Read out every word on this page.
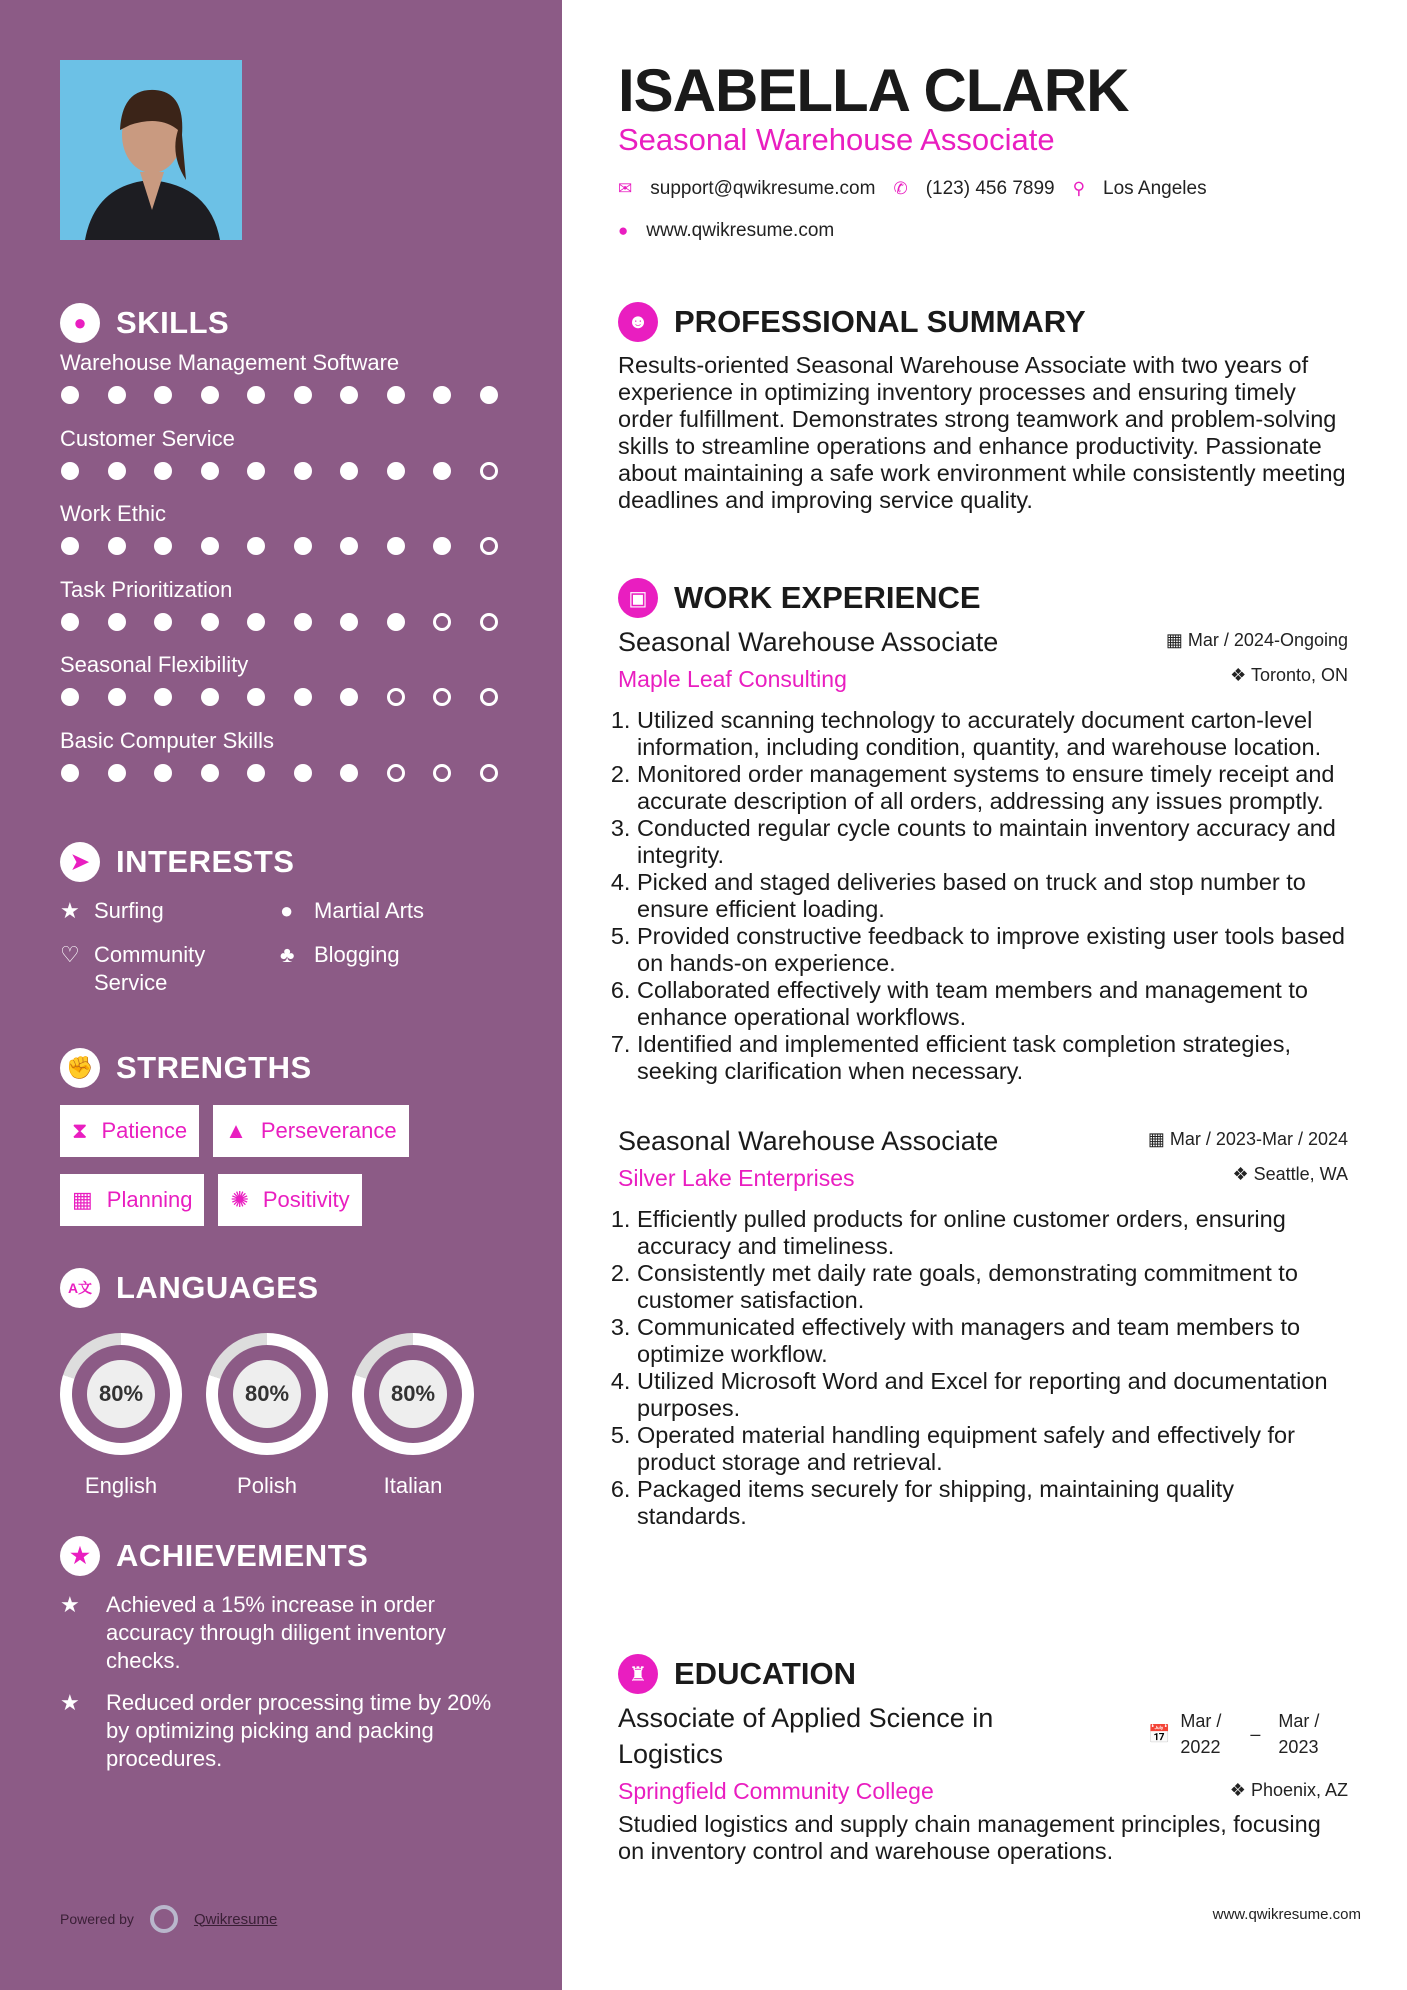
● SKILLS
Warehouse Management Software
Customer Service
Work Ethic
Task Prioritization
Seasonal Flexibility
Basic Computer Skills
➤ INTERESTS
★ Surfing	● Martial Arts
♡ Community Service
♣ Blogging
✊ STRENGTHS
⧗ Patience ▲ Perseverance
▦ Planning ✺ Positivity
A文 LANGUAGES
80%
English
80%
Polish
80%
Italian
★ ACHIEVEMENTS
★	Achieved a 15% increase in order accuracy through diligent inventory checks.
★	Reduced order processing time by 20% by optimizing picking and packing procedures.
Powered by	Qwikresume
ISABELLA CLARK
Seasonal Warehouse Associate
✉ support@qwikresume.com ✆ (123) 456 7899 ⚲ Los Angeles
● www.qwikresume.com
☻ PROFESSIONAL SUMMARY

Results-oriented Seasonal Warehouse Associate with two years of experience in optimizing inventory processes and ensuring timely order fulfillment. Demonstrates strong teamwork and problem-solving skills to streamline operations and enhance productivity. Passionate about maintaining a safe work environment while consistently meeting deadlines and improving service quality.

▣ WORK EXPERIENCE
Seasonal Warehouse Associate	▦ Mar / 2024-Ongoing
❖ Toronto, ON
Maple Leaf Consulting
1. Utilized scanning technology to accurately document carton-level information, including condition, quantity, and warehouse location.
2. Monitored order management systems to ensure timely receipt and accurate description of all orders, addressing any issues promptly.
3. Conducted regular cycle counts to maintain inventory accuracy and integrity.
4. Picked and staged deliveries based on truck and stop number to ensure efficient loading.
5. Provided constructive feedback to improve existing user tools based on hands-on experience.
6. Collaborated effectively with team members and management to enhance operational workflows.
7. Identified and implemented efficient task completion strategies, seeking clarification when necessary.
Seasonal Warehouse Associate	▦ Mar / 2023-Mar / 2024
❖ Seattle, WA
Silver Lake Enterprises
1. Efficiently pulled products for online customer orders, ensuring accuracy and timeliness.
2. Consistently met daily rate goals, demonstrating commitment to customer satisfaction.
3. Communicated effectively with managers and team members to optimize workflow.
4. Utilized Microsoft Word and Excel for reporting and documentation purposes.
5. Operated material handling equipment safely and effectively for product storage and retrieval.
6. Packaged items securely for shipping, maintaining quality standards.
♜ EDUCATION
Associate of Applied Science in Logistics
📅
Mar / 2022
–
Mar / 2023
❖ Phoenix, AZ
Springfield Community College

Studied logistics and supply chain management principles, focusing on inventory control and warehouse operations.

www.qwikresume.com
